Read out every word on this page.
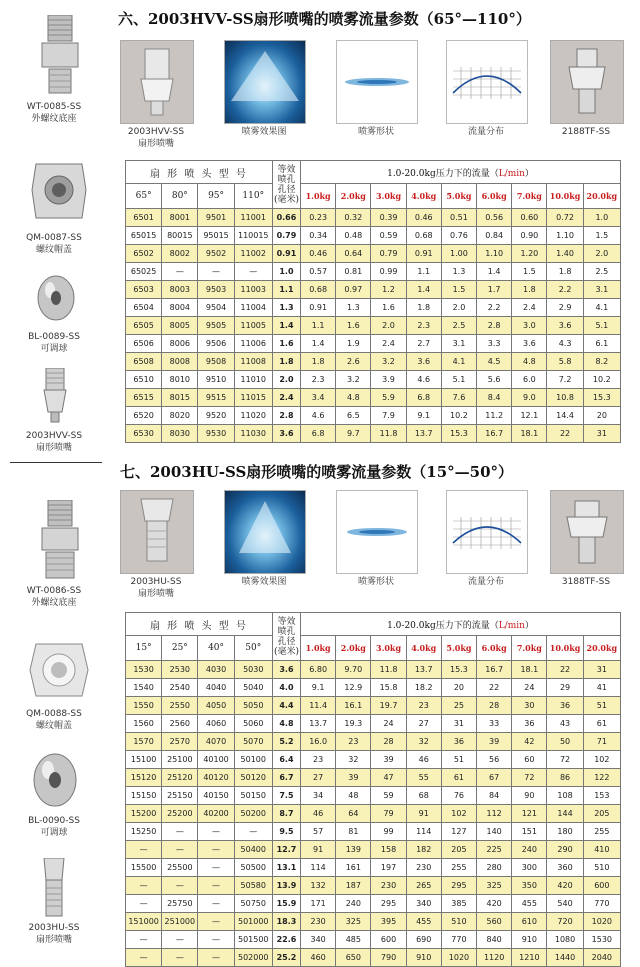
六、2003HVV-SS扇形喷嘴的喷雾流量参数（65°—110°）
WT-0085-SS
外螺纹底座
QM-0087-SS
螺纹帽盖
BL-0089-SS
可调球
2003HVV-SS
扇形喷嘴
2003HVV-SS
扇形喷嘴
喷雾效果图	喷雾形状	流量分布	2188TF-SS
扇 形 喷 头 型 号				等效
喷孔
孔径
(毫米)	1.0-20.0kg压力下的流量（L/min）								
65°	80°	95°	110°		1.0kg	2.0kg	3.0kg	4.0kg	5.0kg	6.0kg	7.0kg	10.0kg	20.0kg
6501	8001	9501	11001	0.66	0.23	0.32	0.39	0.46	0.51	0.56	0.60	0.72	1.0
65015	80015	95015	110015	0.79	0.34	0.48	0.59	0.68	0.76	0.84	0.90	1.10	1.5
6502	8002	9502	11002	0.91	0.46	0.64	0.79	0.91	1.00	1.10	1.20	1.40	2.0
65025	—	—	—	1.0	0.57	0.81	0.99	1.1	1.3	1.4	1.5	1.8	2.5
6503	8003	9503	11003	1.1	0.68	0.97	1.2	1.4	1.5	1.7	1.8	2.2	3.1
6504	8004	9504	11004	1.3	0.91	1.3	1.6	1.8	2.0	2.2	2.4	2.9	4.1
6505	8005	9505	11005	1.4	1.1	1.6	2.0	2.3	2.5	2.8	3.0	3.6	5.1
6506	8006	9506	11006	1.6	1.4	1.9	2.4	2.7	3.1	3.3	3.6	4.3	6.1
6508	8008	9508	11008	1.8	1.8	2.6	3.2	3.6	4.1	4.5	4.8	5.8	8.2
6510	8010	9510	11010	2.0	2.3	3.2	3.9	4.6	5.1	5.6	6.0	7.2	10.2
6515	8015	9515	11015	2.4	3.4	4.8	5.9	6.8	7.6	8.4	9.0	10.8	15.3
6520	8020	9520	11020	2.8	4.6	6.5	7.9	9.1	10.2	11.2	12.1	14.4	20
6530	8030	9530	11030	3.6	6.8	9.7	11.8	13.7	15.3	16.7	18.1	22	31
七、2003HU-SS扇形喷嘴的喷雾流量参数（15°—50°）
WT-0086-SS
外螺纹底座
QM-0088-SS
螺纹帽盖
BL-0090-SS
可调球
2003HU-SS
扇形喷嘴
2003HU-SS
扇形喷嘴
喷雾效果图	喷雾形状	流量分布	3188TF-SS
扇 形 喷 头 型 号				等效
喷孔
孔径
(毫米)	1.0-20.0kg压力下的流量（L/min）								
15°	25°	40°	50°		1.0kg	2.0kg	3.0kg	4.0kg	5.0kg	6.0kg	7.0kg	10.0kg	20.0kg
1530	2530	4030	5030	3.6	6.80	9.70	11.8	13.7	15.3	16.7	18.1	22	31
1540	2540	4040	5040	4.0	9.1	12.9	15.8	18.2	20	22	24	29	41
1550	2550	4050	5050	4.4	11.4	16.1	19.7	23	25	28	30	36	51
1560	2560	4060	5060	4.8	13.7	19.3	24	27	31	33	36	43	61
1570	2570	4070	5070	5.2	16.0	23	28	32	36	39	42	50	71
15100	25100	40100	50100	6.4	23	32	39	46	51	56	60	72	102
15120	25120	40120	50120	6.7	27	39	47	55	61	67	72	86	122
15150	25150	40150	50150	7.5	34	48	59	68	76	84	90	108	153
15200	25200	40200	50200	8.7	46	64	79	91	102	112	121	144	205
15250	—	—	—	9.5	57	81	99	114	127	140	151	180	255
—	—	—	50400	12.7	91	139	158	182	205	225	240	290	410
15500	25500	—	50500	13.1	114	161	197	230	255	280	300	360	510
—	—	—	50580	13.9	132	187	230	265	295	325	350	420	600
—	25750	—	50750	15.9	171	240	295	340	385	420	455	540	770
151000	251000	—	501000	18.3	230	325	395	455	510	560	610	720	1020
—	—	—	501500	22.6	340	485	600	690	770	840	910	1080	1530
—	—	—	502000	25.2	460	650	790	910	1020	1120	1210	1440	2040
